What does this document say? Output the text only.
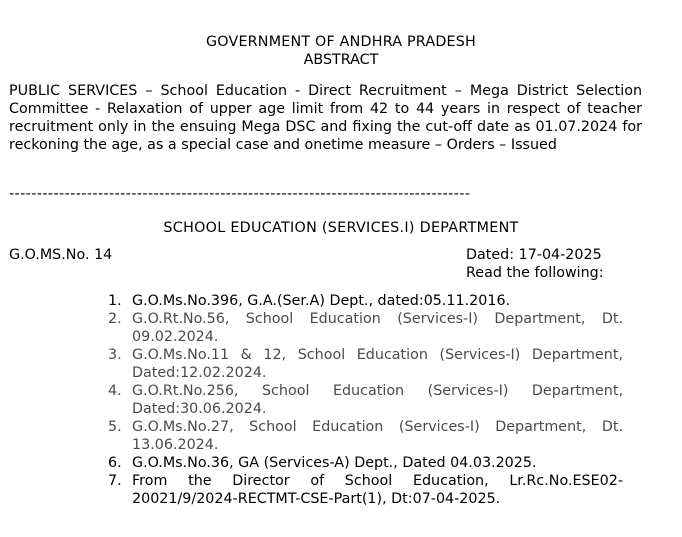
GOVERNMENT OF ANDHRA PRADESH
ABSTRACT
PUBLIC SERVICES – School Education - Direct Recruitment – Mega District Selection Committee - Relaxation of upper age limit from 42 to 44 years in respect of teacher recruitment only in the ensuing Mega DSC and fixing the cut-off date as 01.07.2024 for reckoning the age, as a special case and onetime measure – Orders – Issued
-----------------------------------------------------------------------------------
SCHOOL EDUCATION (SERVICES.I) DEPARTMENT
G.O.MS.No. 14	Dated: 17-04-2025
Read the following:
1. G.O.Ms.No.396, G.A.(Ser.A) Dept., dated:05.11.2016.
2. G.O.Rt.No.56, School Education (Services-I) Department, Dt. 09.02.2024.
3. G.O.Ms.No.11 & 12, School Education (Services-I) Department, Dated:12.02.2024.
4. G.O.Rt.No.256, School Education (Services-I) Department, Dated:30.06.2024.
5. G.O.Ms.No.27, School Education (Services-I) Department, Dt. 13.06.2024.
6. G.O.Ms.No.36, GA (Services-A) Dept., Dated 04.03.2025.
7. From the Director of School Education, Lr.Rc.No.ESE02-20021/9/2024-RECTMT-CSE-Part(1), Dt:07-04-2025.
